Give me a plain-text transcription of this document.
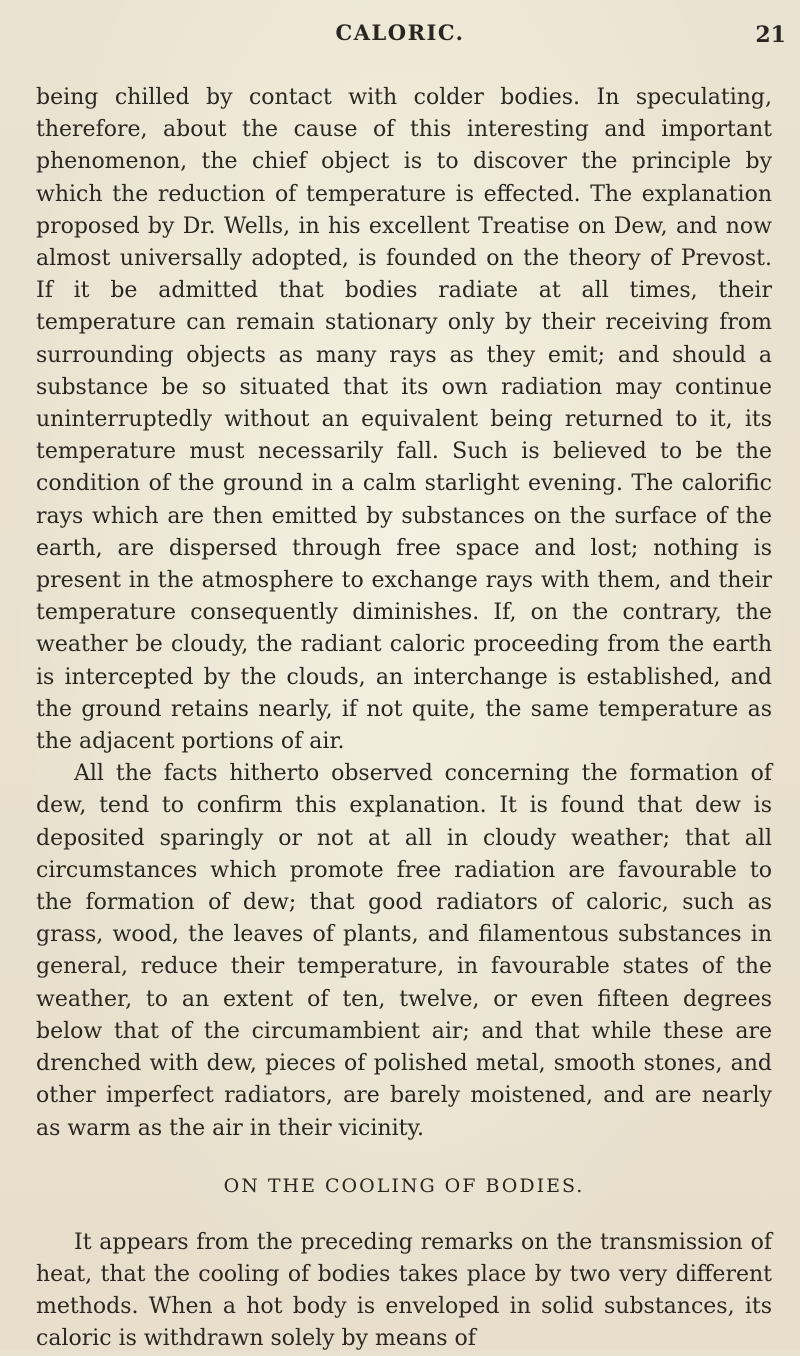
CALORIC.	21

being chilled by contact with colder bodies. In speculating, therefore, about the cause of this interesting and important phenomenon, the chief object is to discover the principle by which the reduction of temperature is effected. The explanation proposed by Dr. Wells, in his excellent Treatise on Dew, and now almost universally adopted, is founded on the theory of Prevost. If it be admitted that bodies radiate at all times, their temperature can remain stationary only by their receiving from surrounding objects as many rays as they emit; and should a substance be so situated that its own radiation may continue uninterruptedly without an equivalent being returned to it, its temperature must necessarily fall. Such is believed to be the condition of the ground in a calm starlight evening. The calorific rays which are then emitted by substances on the surface of the earth, are dispersed through free space and lost; nothing is present in the atmosphere to exchange rays with them, and their temperature consequently diminishes. If, on the contrary, the weather be cloudy, the radiant caloric proceeding from the earth is intercepted by the clouds, an interchange is established, and the ground retains nearly, if not quite, the same temperature as the adjacent portions of air.

All the facts hitherto observed concerning the formation of dew, tend to confirm this explanation. It is found that dew is deposited sparingly or not at all in cloudy weather; that all circumstances which promote free radiation are favourable to the formation of dew; that good radiators of caloric, such as grass, wood, the leaves of plants, and filamentous substances in general, reduce their temperature, in favourable states of the weather, to an extent of ten, twelve, or even fifteen degrees below that of the circumambient air; and that while these are drenched with dew, pieces of polished metal, smooth stones, and other imperfect radiators, are barely moistened, and are nearly as warm as the air in their vicinity.

ON THE COOLING OF BODIES.

It appears from the preceding remarks on the transmission of heat, that the cooling of bodies takes place by two very different methods. When a hot body is enveloped in solid substances, its caloric is withdrawn solely by means of
